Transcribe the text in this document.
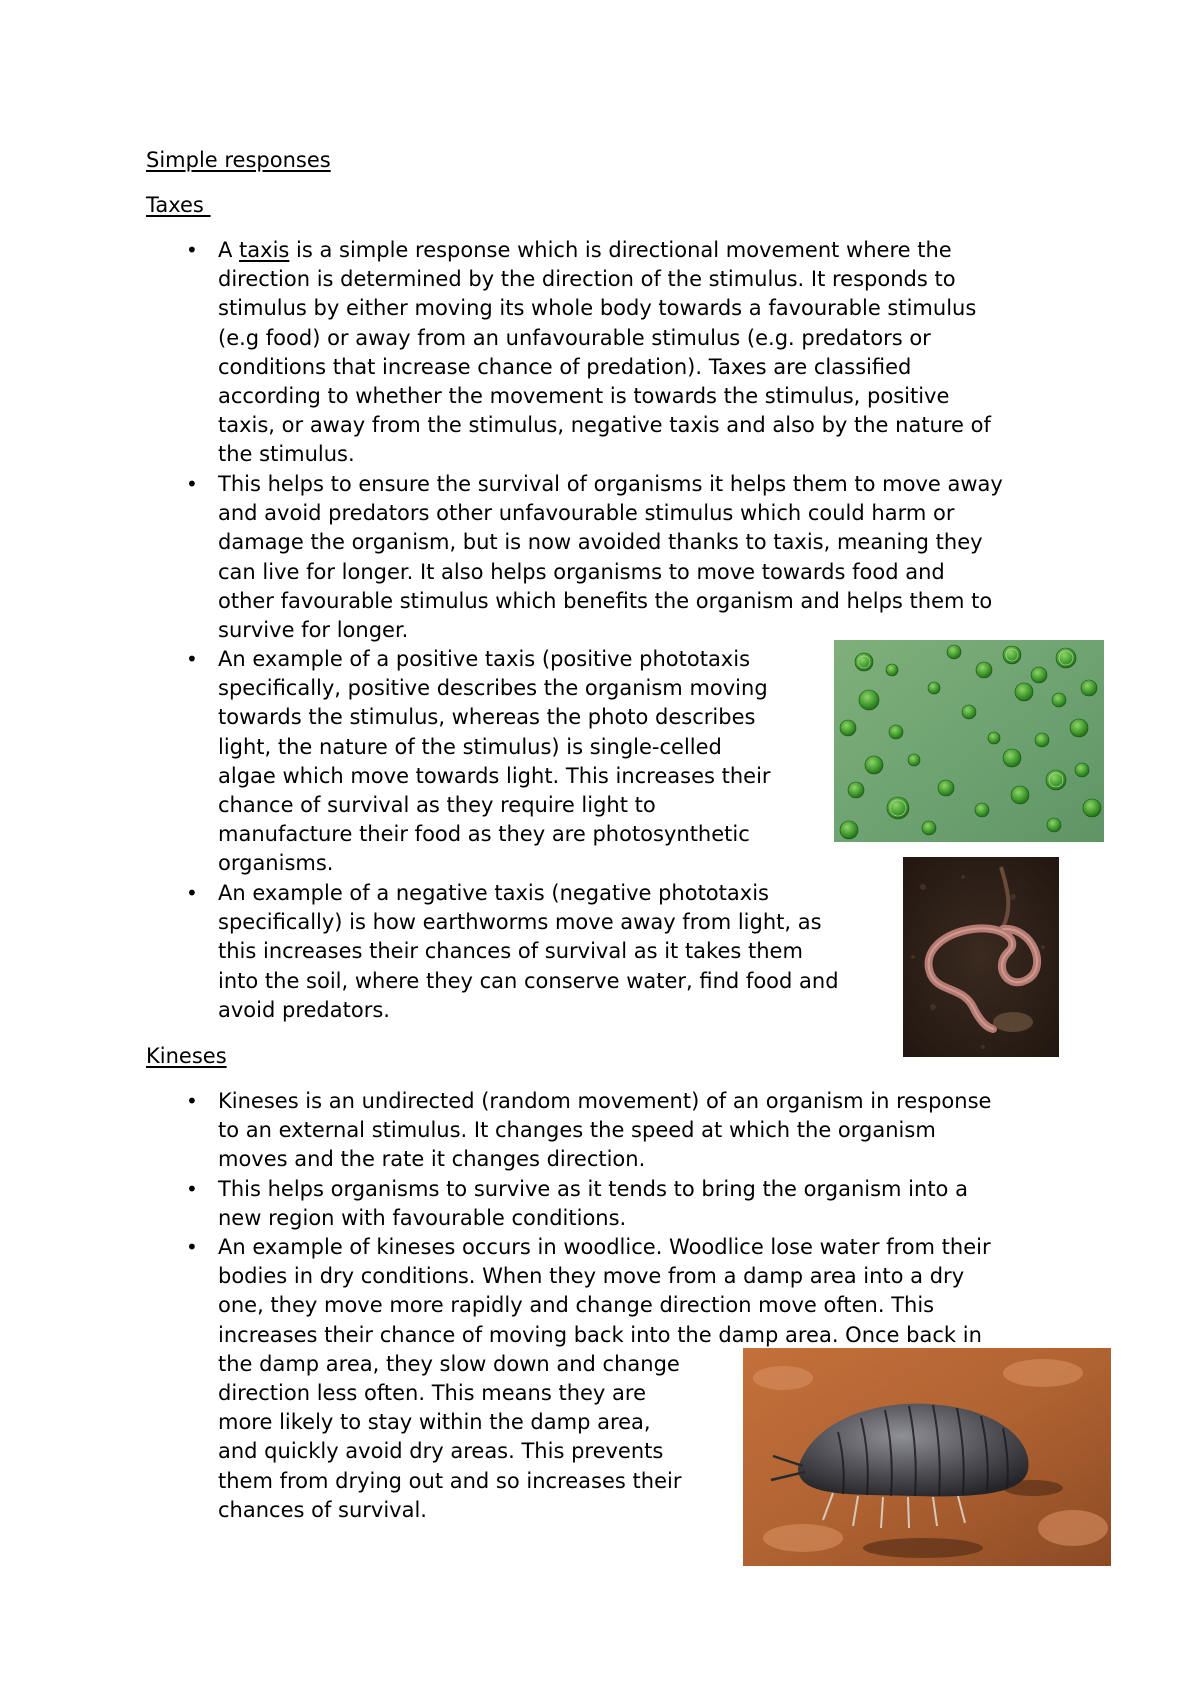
Simple responses
Taxes
• A taxis is a simple response which is directional movement where the
direction is determined by the direction of the stimulus. It responds to
stimulus by either moving its whole body towards a favourable stimulus
(e.g food) or away from an unfavourable stimulus (e.g. predators or
conditions that increase chance of predation). Taxes are classified
according to whether the movement is towards the stimulus, positive
taxis, or away from the stimulus, negative taxis and also by the nature of
the stimulus.
• This helps to ensure the survival of organisms it helps them to move away
and avoid predators other unfavourable stimulus which could harm or
damage the organism, but is now avoided thanks to taxis, meaning they
can live for longer. It also helps organisms to move towards food and
other favourable stimulus which benefits the organism and helps them to
survive for longer.
• An example of a positive taxis (positive phototaxis
specifically, positive describes the organism moving
towards the stimulus, whereas the photo describes
light, the nature of the stimulus) is single-celled
algae which move towards light. This increases their
chance of survival as they require light to
manufacture their food as they are photosynthetic
organisms.
• An example of a negative taxis (negative phototaxis
specifically) is how earthworms move away from light, as
this increases their chances of survival as it takes them
into the soil, where they can conserve water, find food and
avoid predators.
Kineses
• Kineses is an undirected (random movement) of an organism in response
to an external stimulus. It changes the speed at which the organism
moves and the rate it changes direction.
• This helps organisms to survive as it tends to bring the organism into a
new region with favourable conditions.
• An example of kineses occurs in woodlice. Woodlice lose water from their
bodies in dry conditions. When they move from a damp area into a dry
one, they move more rapidly and change direction move often. This
increases their chance of moving back into the damp area. Once back in
the damp area, they slow down and change
direction less often. This means they are
more likely to stay within the damp area,
and quickly avoid dry areas. This prevents
them from drying out and so increases their
chances of survival.
